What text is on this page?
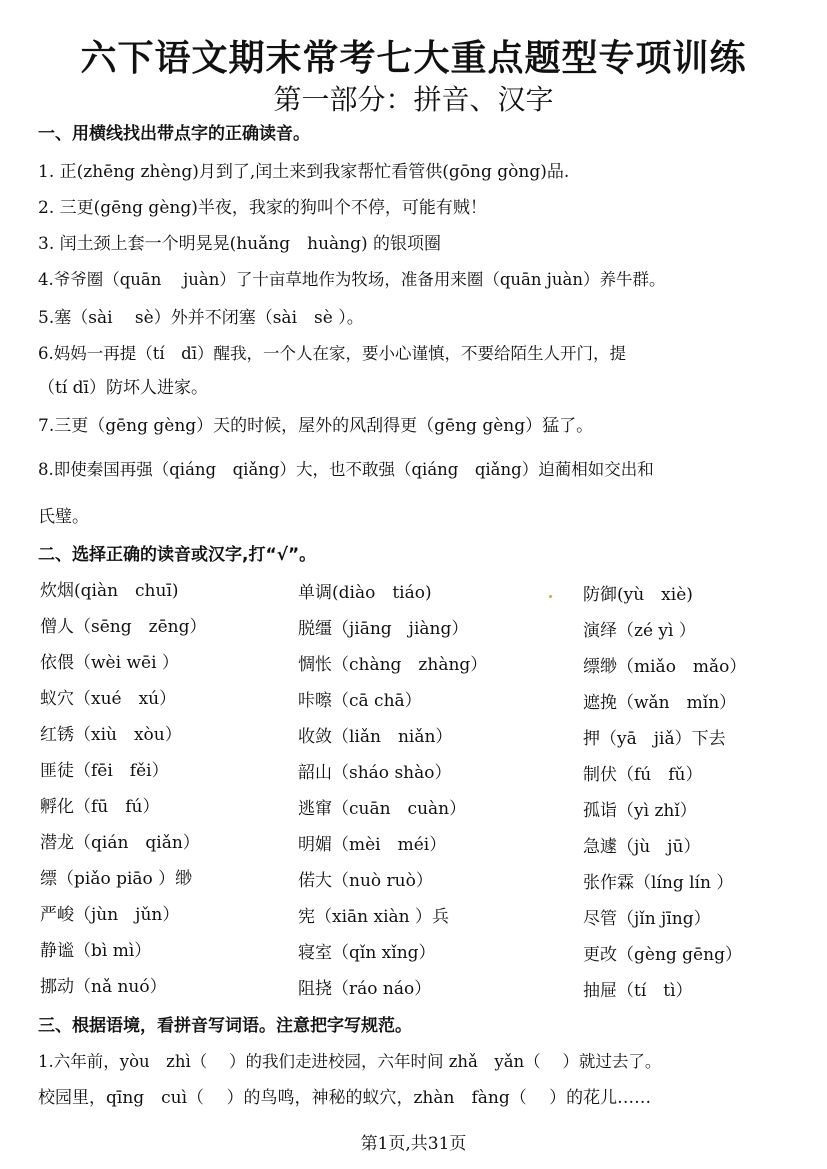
六下语文期末常考七大重点题型专项训练
第一部分：拼音、汉字
一、用横线找出带点字的正确读音。
1. 正(zhēng zhèng)月到了,闰土来到我家帮忙看管供(gōng gòng)品.
2. 三更(gēng gèng)半夜，我家的狗叫个不停，可能有贼！
3. 闰土颈上套一个明晃晃(huǎng　huàng) 的银项圈
4.爷爷圈（quān　 juàn）了十亩草地作为牧场，准备用来圈（quān juàn）养牛群。
5.塞（sài　 sè）外并不闭塞（sài　sè ）。
6.妈妈一再提（tí　dī）醒我，一个人在家，要小心谨慎，不要给陌生人开门，提
（tí dī）防坏人进家。
7.三更（gēng gèng）天的时候，屋外的风刮得更（gēng gèng）猛了。
8.即使秦国再强（qiáng　qiǎng）大，也不敢强（qiáng　qiǎng）迫蔺相如交出和
氏璧。
二、选择正确的读音或汉字,打“√”。
炊烟(qiàn　chuī)
僧人（sēng　zēng）
依偎（wèi wēi ）
蚁穴（xué　xú）
红锈（xiù　xòu）
匪徒（fēi　fěi）
孵化（fū　fú）
潜龙（qián　qiǎn）
缥（piǎo piāo ）缈
严峻（jùn　jǔn）
静谧（bì mì）
挪动（nǎ nuó）
单调(diào　tiáo)
脱缰（jiāng　jiàng）
惆怅（chàng　zhàng）
咔嚓（cā chā）
收敛（liǎn　niǎn）
韶山（sháo shào）
逃窜（cuān　cuàn）
明媚（mèi　méi）
偌大（nuò ruò）
宪（xiān xiàn ）兵
寝室（qǐn xǐng）
阻挠（ráo náo）
防御(yù　xiè)
演绎（zé yì ）
缥缈（miǎo　mǎo）
遮挽（wǎn　mǐn）
押（yā　jiǎ）下去
制伏（fú　fǔ）
孤诣（yì zhǐ）
急遽（jù　jū）
张作霖（líng lín ）
尽管（jǐn jīng）
更改（gèng gēng）
抽屉（tí　tì）
三、根据语境，看拼音写词语。注意把字写规范。
1.六年前，yòu　zhì（　 ）的我们走进校园，六年时间 zhǎ　yǎn（　 ）就过去了。
校园里，qīng　cuì（　 ）的鸟鸣，神秘的蚁穴，zhàn　fàng（　 ）的花儿……
第1页,共31页
